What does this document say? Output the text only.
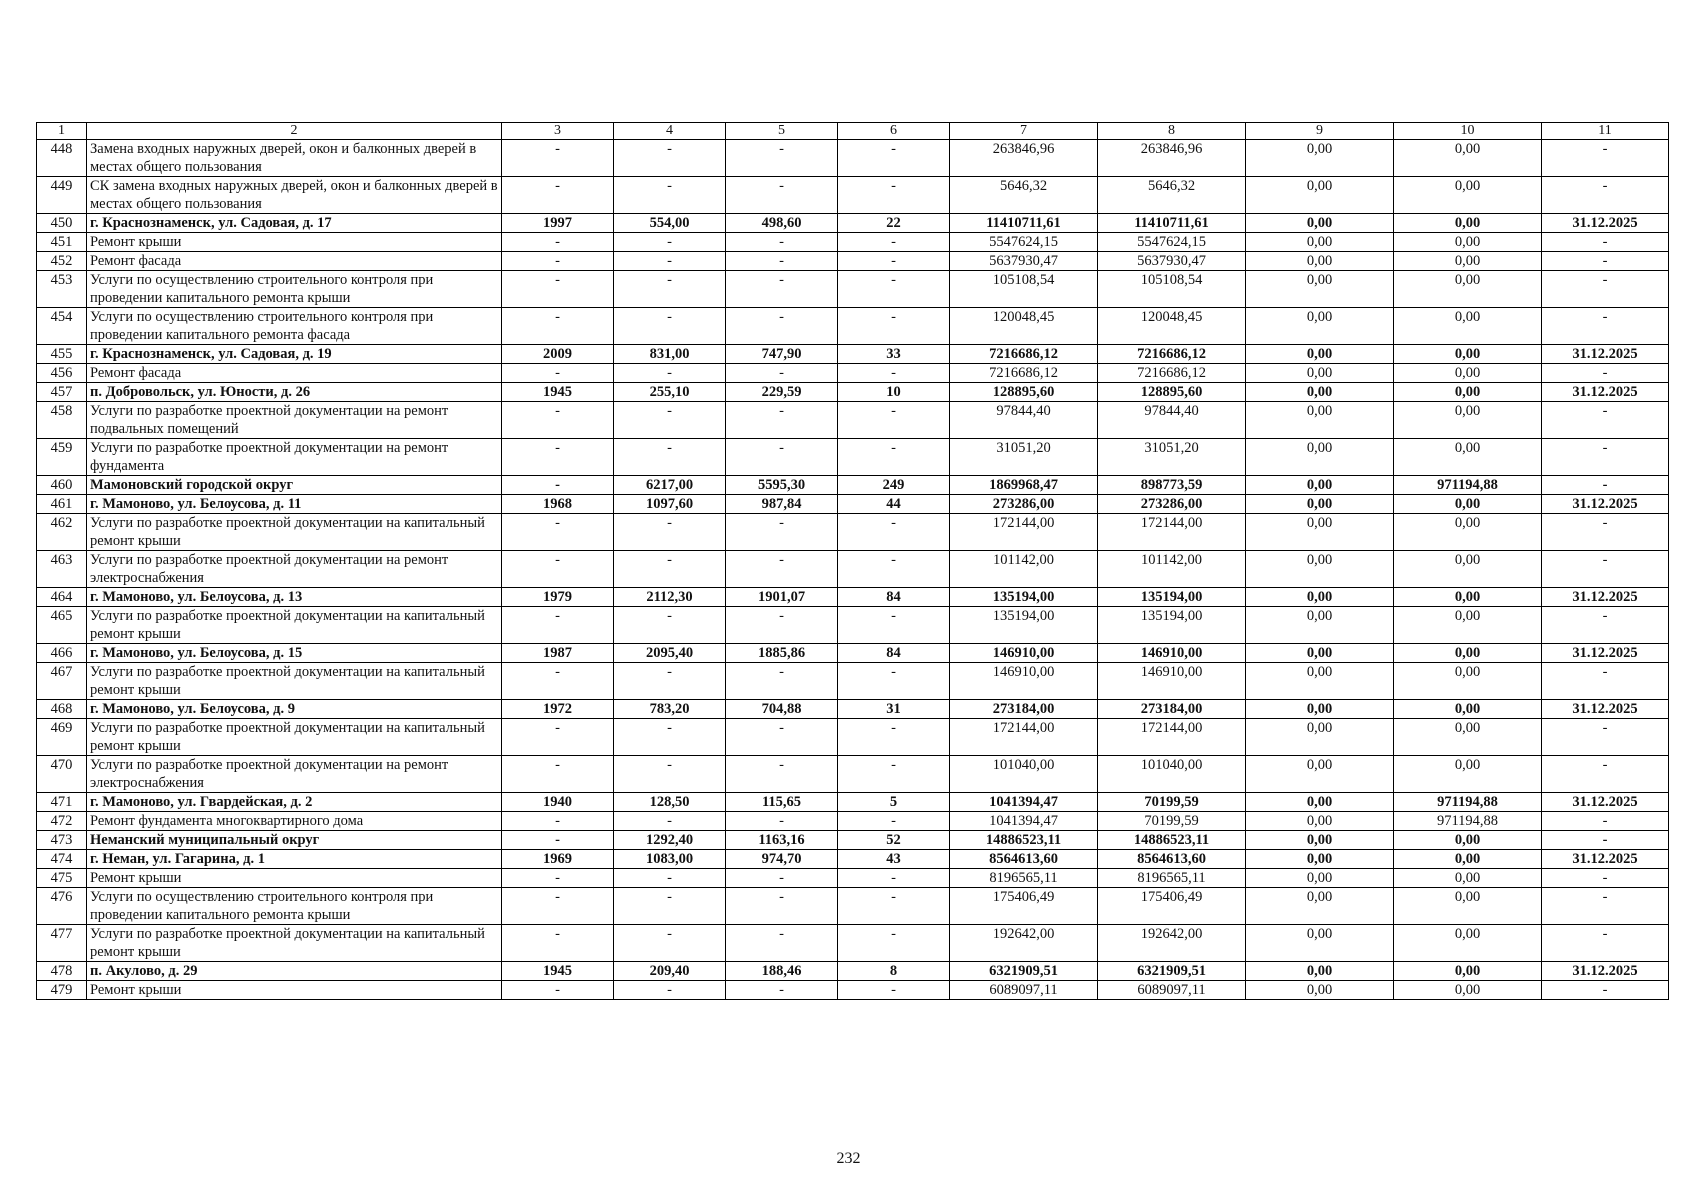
1	2	3	4	5	6	7	8	9	10	11
448	Замена входных наружных дверей, окон и балконных дверей в местах общего пользования	-	-	-	-	263846,96	263846,96	0,00	0,00	-
449	СК замена входных наружных дверей, окон и балконных дверей в местах общего пользования	-	-	-	-	5646,32	5646,32	0,00	0,00	-
450	г. Краснознаменск, ул. Садовая, д. 17	1997	554,00	498,60	22	11410711,61	11410711,61	0,00	0,00	31.12.2025
451	Ремонт крыши	-	-	-	-	5547624,15	5547624,15	0,00	0,00	-
452	Ремонт фасада	-	-	-	-	5637930,47	5637930,47	0,00	0,00	-
453	Услуги по осуществлению строительного контроля при проведении капитального ремонта крыши	-	-	-	-	105108,54	105108,54	0,00	0,00	-
454	Услуги по осуществлению строительного контроля при проведении капитального ремонта фасада	-	-	-	-	120048,45	120048,45	0,00	0,00	-
455	г. Краснознаменск, ул. Садовая, д. 19	2009	831,00	747,90	33	7216686,12	7216686,12	0,00	0,00	31.12.2025
456	Ремонт фасада	-	-	-	-	7216686,12	7216686,12	0,00	0,00	-
457	п. Добровольск, ул. Юности, д. 26	1945	255,10	229,59	10	128895,60	128895,60	0,00	0,00	31.12.2025
458	Услуги по разработке проектной документации на ремонт подвальных помещений	-	-	-	-	97844,40	97844,40	0,00	0,00	-
459	Услуги по разработке проектной документации на ремонт фундамента	-	-	-	-	31051,20	31051,20	0,00	0,00	-
460	Мамоновский городской округ	-	6217,00	5595,30	249	1869968,47	898773,59	0,00	971194,88	-
461	г. Мамоново, ул. Белоусова, д. 11	1968	1097,60	987,84	44	273286,00	273286,00	0,00	0,00	31.12.2025
462	Услуги по разработке проектной документации на капитальный ремонт крыши	-	-	-	-	172144,00	172144,00	0,00	0,00	-
463	Услуги по разработке проектной документации на ремонт электроснабжения	-	-	-	-	101142,00	101142,00	0,00	0,00	-
464	г. Мамоново, ул. Белоусова, д. 13	1979	2112,30	1901,07	84	135194,00	135194,00	0,00	0,00	31.12.2025
465	Услуги по разработке проектной документации на капитальный ремонт крыши	-	-	-	-	135194,00	135194,00	0,00	0,00	-
466	г. Мамоново, ул. Белоусова, д. 15	1987	2095,40	1885,86	84	146910,00	146910,00	0,00	0,00	31.12.2025
467	Услуги по разработке проектной документации на капитальный ремонт крыши	-	-	-	-	146910,00	146910,00	0,00	0,00	-
468	г. Мамоново, ул. Белоусова, д. 9	1972	783,20	704,88	31	273184,00	273184,00	0,00	0,00	31.12.2025
469	Услуги по разработке проектной документации на капитальный ремонт крыши	-	-	-	-	172144,00	172144,00	0,00	0,00	-
470	Услуги по разработке проектной документации на ремонт электроснабжения	-	-	-	-	101040,00	101040,00	0,00	0,00	-
471	г. Мамоново, ул. Гвардейская, д. 2	1940	128,50	115,65	5	1041394,47	70199,59	0,00	971194,88	31.12.2025
472	Ремонт фундамента многоквартирного дома	-	-	-	-	1041394,47	70199,59	0,00	971194,88	-
473	Неманский муниципальный округ	-	1292,40	1163,16	52	14886523,11	14886523,11	0,00	0,00	-
474	г. Неман, ул. Гагарина, д. 1	1969	1083,00	974,70	43	8564613,60	8564613,60	0,00	0,00	31.12.2025
475	Ремонт крыши	-	-	-	-	8196565,11	8196565,11	0,00	0,00	-
476	Услуги по осуществлению строительного контроля при проведении капитального ремонта крыши	-	-	-	-	175406,49	175406,49	0,00	0,00	-
477	Услуги по разработке проектной документации на капитальный ремонт крыши	-	-	-	-	192642,00	192642,00	0,00	0,00	-
478	п. Акулово, д. 29	1945	209,40	188,46	8	6321909,51	6321909,51	0,00	0,00	31.12.2025
479	Ремонт крыши	-	-	-	-	6089097,11	6089097,11	0,00	0,00	-
232
